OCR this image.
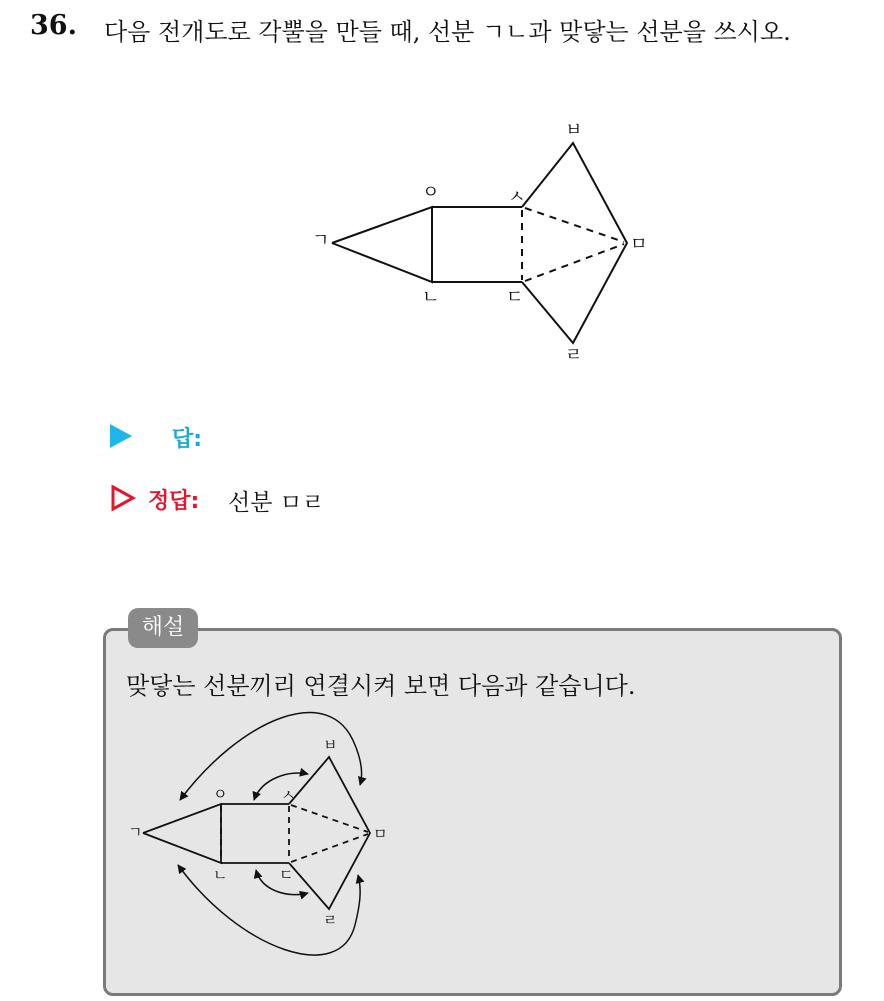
36. 다음 전개도로 각뿔을 만들 때, 선분 ㄱㄴ과 맞닿는 선분을 쓰시오.
ㄱ
ㅇ	ㅅ
ㅂ
ㅁ
ㄴ	ㄷ
ㄹ
답:
정답: 선분 ㅁㄹ
해설
맞닿는 선분끼리 연결시켜 보면 다음과 같습니다.
ㄱ
ㅇ	ㅅ
ㅂ
ㅁ
ㄴ	ㄷ
ㄹ
